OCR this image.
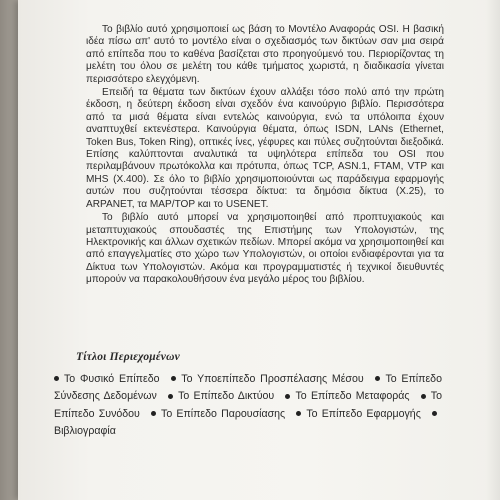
Το βιβλίο αυτό χρησιμοποιεί ως βάση το Μοντέλο Αναφοράς OSI. Η βασική ιδέα πίσω απ' αυτό το μοντέλο είναι ο σχεδιασμός των δικτύων σαν μια σειρά από επίπεδα που το καθένα βασίζεται στο προηγούμενό του. Περιορίζοντας τη μελέτη του όλου σε μελέτη του κάθε τμήματος χωριστά, η διαδικασία γίνεται περισσότερο ελεγχόμενη.

Επειδή τα θέματα των δικτύων έχουν αλλάξει τόσο πολύ από την πρώτη έκδοση, η δεύτερη έκδοση είναι σχεδόν ένα καινούργιο βιβλίο. Περισσότερα από τα μισά θέματα είναι εντελώς καινούργια, ενώ τα υπόλοιπα έχουν αναπτυχθεί εκτενέστερα. Καινούργια θέματα, όπως ISDN, LANs (Ethernet, Token Bus, Token Ring), οπτικές ίνες, γέφυρες και πύλες συζητούνται διεξοδικά. Επίσης καλύπτονται αναλυτικά τα υψηλότερα επίπεδα του OSI που περιλαμβάνουν πρωτόκολλα και πρότυπα, όπως TCP, ASN.1, FTAM, VTP και MHS (X.400). Σε όλο το βιβλίο χρησιμοποιούνται ως παράδειγμα εφαρμογής αυτών που συζητούνται τέσσερα δίκτυα: τα δημόσια δίκτυα (X.25), το ARPANET, τα MAP/TOP και το USENET.

Το βιβλίο αυτό μπορεί να χρησιμοποιηθεί από προπτυχιακούς και μεταπτυχιακούς σπουδαστές της Επιστήμης των Υπολογιστών, της Ηλεκτρονικής και άλλων σχετικών πεδίων. Μπορεί ακόμα να χρησιμοποιηθεί και από επαγγελματίες στο χώρο των Υπολογιστών, οι οποίοι ενδιαφέρονται για τα Δίκτυα των Υπολογιστών. Ακόμα και προγραμματιστές ή τεχνικοί διευθυντές μπορούν να παρακολουθήσουν ένα μεγάλο μέρος του βιβλίου.

Τίτλοι Περιεχομένων
Το Φυσικό Επίπεδο Το Υποεπίπεδο Προσπέλασης Μέσου Το Επίπεδο Σύνδεσης Δεδομένων Το Επίπεδο Δικτύου Το Επίπεδο Μεταφοράς Το Επίπεδο Συνόδου Το Επίπεδο Παρουσίασης Το Επίπεδο Εφαρμογής Βιβλιογραφία
